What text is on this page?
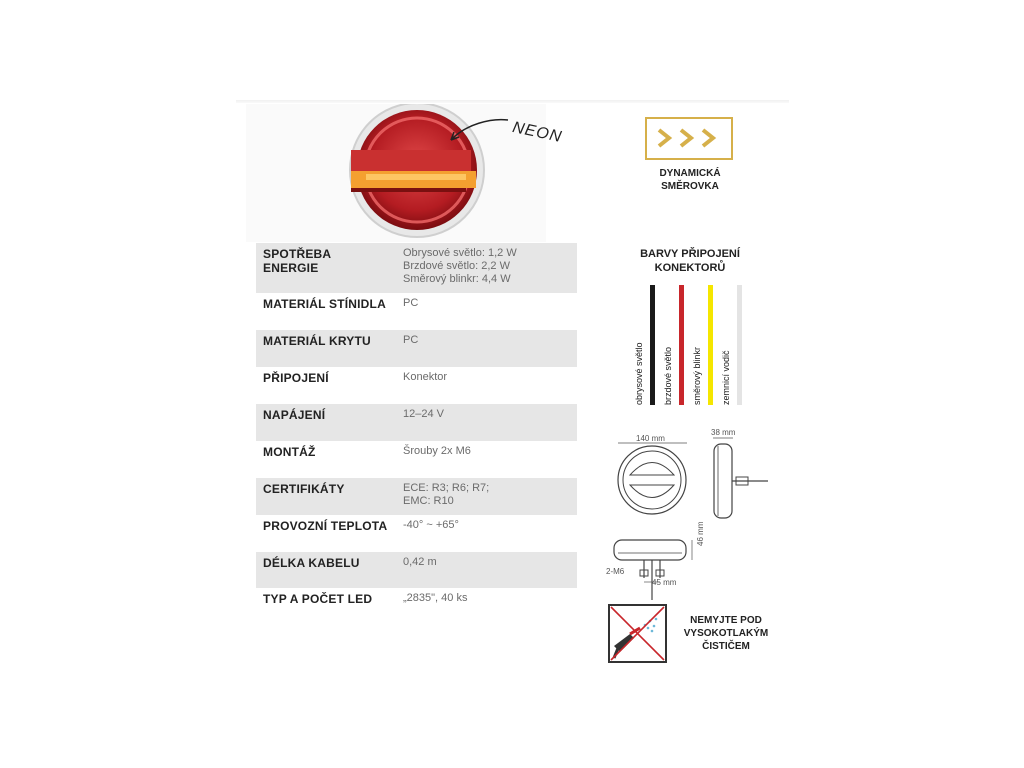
NEON
SPOTŘEBA ENERGIE	Obrysové světlo: 1,2 W
Brzdové světlo: 2,2 W
Směrový blinkr: 4,4 W

MATERIÁL STÍNIDLA	PC

MATERIÁL KRYTU	PC

PŘIPOJENÍ	Konektor

NAPÁJENÍ	12–24 V

MONTÁŽ	Šrouby 2x M6

CERTIFIKÁTY	ECE: R3; R6; R7;
EMC: R10

PROVOZNÍ TEPLOTA	-40° ~ +65°

DÉLKA KABELU	0,42 m

TYP A POČET LED	„2835", 40 ks
DYNAMICKÁ
SMĚROVKA
BARVY PŘIPOJENÍ
KONEKTORŮ
obrysové světlo brzdové světlo směrový blinkr zemnicí vodič
140 mm
38 mm
46 mm
2-M6
45 mm
NEMYJTE POD
VYSOKOTLAKÝM
ČISTIČEM
